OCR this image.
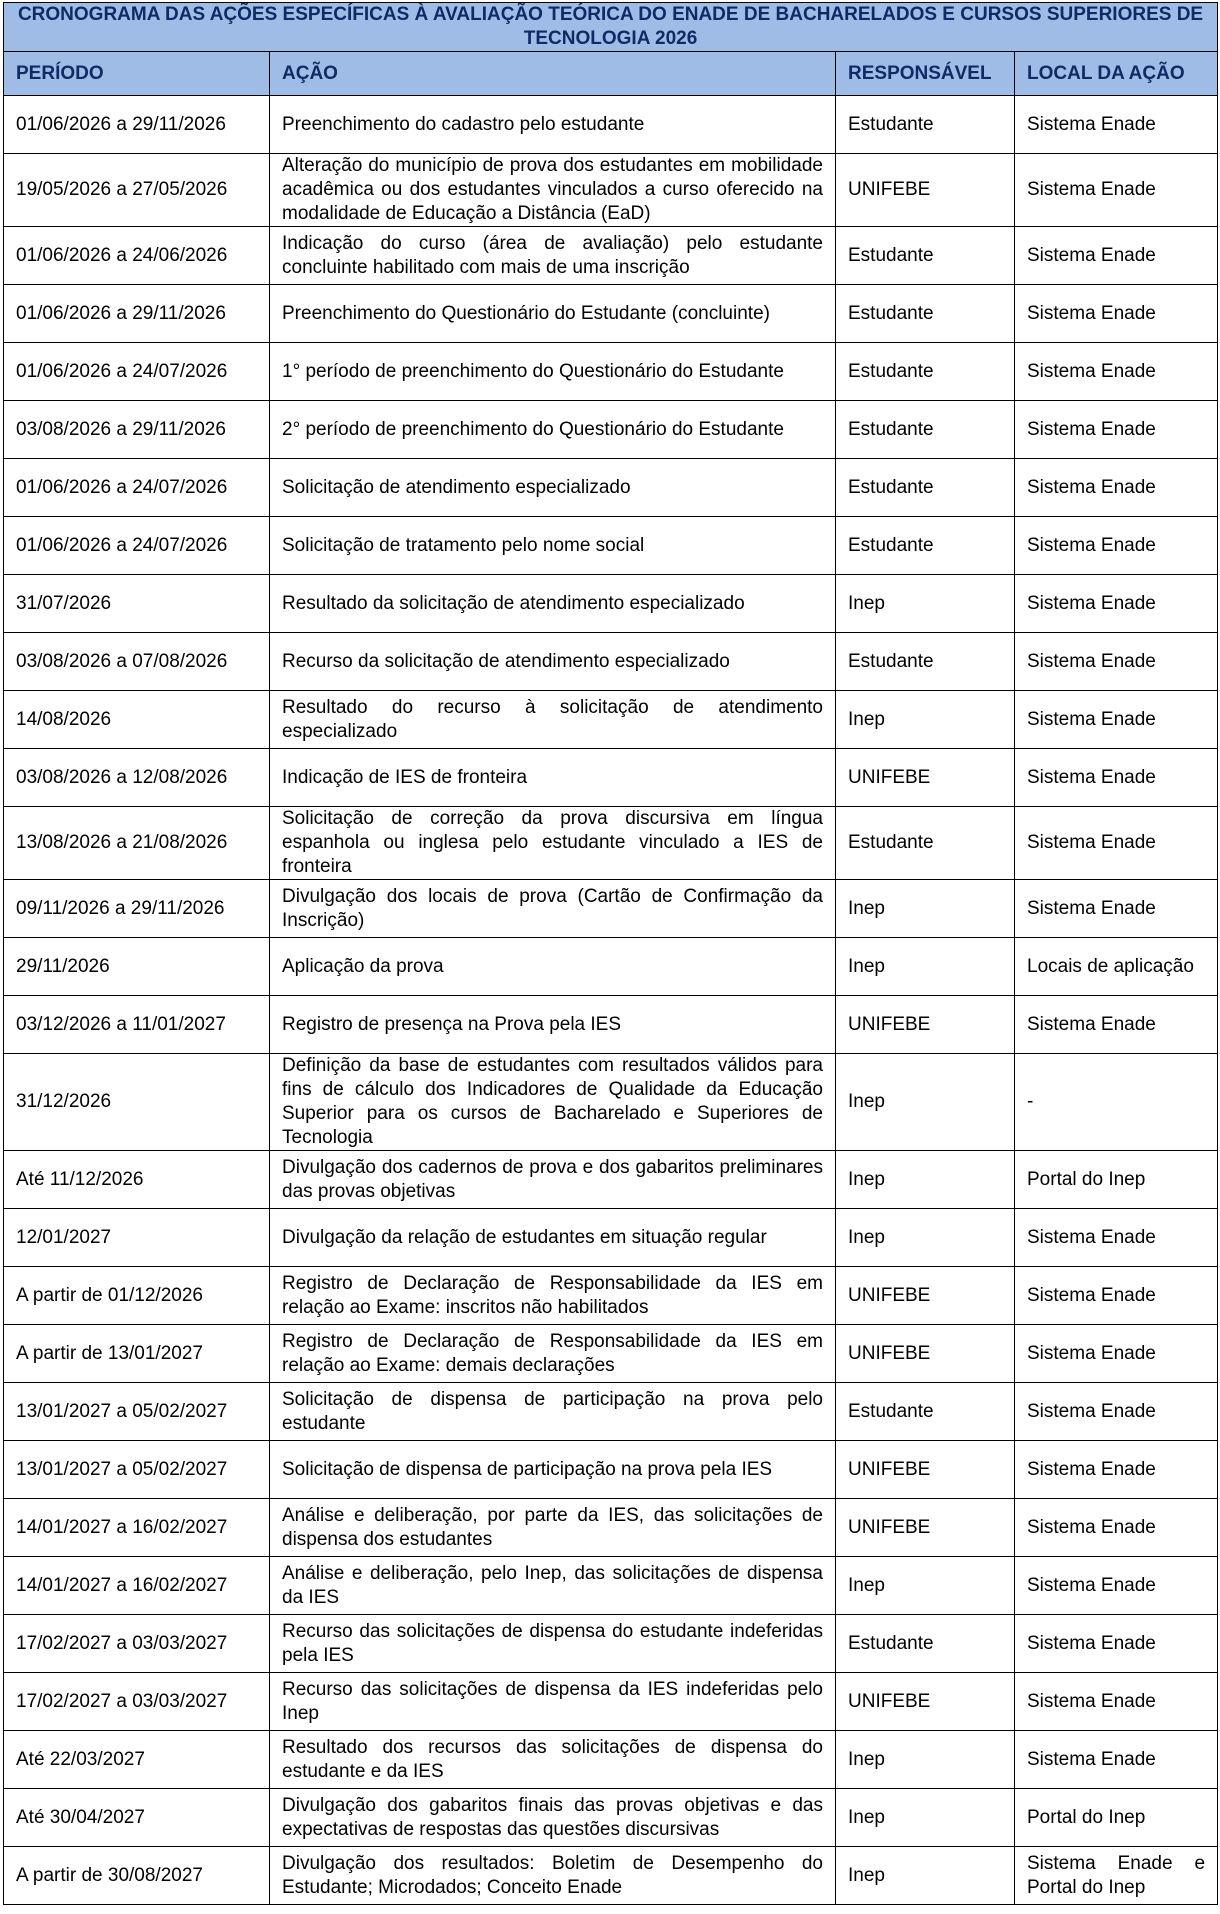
CRONOGRAMA DAS AÇÕES ESPECÍFICAS À AVALIAÇÃO TEÓRICA DO ENADE DE BACHARELADOS E CURSOS SUPERIORES DE TECNOLOGIA 2026			
PERÍODO	AÇÃO	RESPONSÁVEL	LOCAL DA AÇÃO
01/06/2026 a 29/11/2026	Preenchimento do cadastro pelo estudante	Estudante	Sistema Enade
19/05/2026 a 27/05/2026	Alteração do município de prova dos estudantes em mobilidade acadêmica ou dos estudantes vinculados a curso oferecido na modalidade de Educação a Distância (EaD)	UNIFEBE	Sistema Enade
01/06/2026 a 24/06/2026	Indicação do curso (área de avaliação) pelo estudante concluinte habilitado com mais de uma inscrição	Estudante	Sistema Enade
01/06/2026 a 29/11/2026	Preenchimento do Questionário do Estudante (concluinte)	Estudante	Sistema Enade
01/06/2026 a 24/07/2026	1° período de preenchimento do Questionário do Estudante	Estudante	Sistema Enade
03/08/2026 a 29/11/2026	2° período de preenchimento do Questionário do Estudante	Estudante	Sistema Enade
01/06/2026 a 24/07/2026	Solicitação de atendimento especializado	Estudante	Sistema Enade
01/06/2026 a 24/07/2026	Solicitação de tratamento pelo nome social	Estudante	Sistema Enade
31/07/2026	Resultado da solicitação de atendimento especializado	Inep	Sistema Enade
03/08/2026 a 07/08/2026	Recurso da solicitação de atendimento especializado	Estudante	Sistema Enade
14/08/2026	Resultado do recurso à solicitação de atendimento especializado	Inep	Sistema Enade
03/08/2026 a 12/08/2026	Indicação de IES de fronteira	UNIFEBE	Sistema Enade
13/08/2026 a 21/08/2026	Solicitação de correção da prova discursiva em língua espanhola ou inglesa pelo estudante vinculado a IES de fronteira	Estudante	Sistema Enade
09/11/2026 a 29/11/2026	Divulgação dos locais de prova (Cartão de Confirmação da Inscrição)	Inep	Sistema Enade
29/11/2026	Aplicação da prova	Inep	Locais de aplicação
03/12/2026 a 11/01/2027	Registro de presença na Prova pela IES	UNIFEBE	Sistema Enade
31/12/2026	Definição da base de estudantes com resultados válidos para fins de cálculo dos Indicadores de Qualidade da Educação Superior para os cursos de Bacharelado e Superiores de Tecnologia	Inep	-
Até 11/12/2026	Divulgação dos cadernos de prova e dos gabaritos preliminares das provas objetivas	Inep	Portal do Inep
12/01/2027	Divulgação da relação de estudantes em situação regular	Inep	Sistema Enade
A partir de 01/12/2026	Registro de Declaração de Responsabilidade da IES em relação ao Exame: inscritos não habilitados	UNIFEBE	Sistema Enade
A partir de 13/01/2027	Registro de Declaração de Responsabilidade da IES em relação ao Exame: demais declarações	UNIFEBE	Sistema Enade
13/01/2027 a 05/02/2027	Solicitação de dispensa de participação na prova pelo estudante	Estudante	Sistema Enade
13/01/2027 a 05/02/2027	Solicitação de dispensa de participação na prova pela IES	UNIFEBE	Sistema Enade
14/01/2027 a 16/02/2027	Análise e deliberação, por parte da IES, das solicitações de dispensa dos estudantes	UNIFEBE	Sistema Enade
14/01/2027 a 16/02/2027	Análise e deliberação, pelo Inep, das solicitações de dispensa da IES	Inep	Sistema Enade
17/02/2027 a 03/03/2027	Recurso das solicitações de dispensa do estudante indeferidas pela IES	Estudante	Sistema Enade
17/02/2027 a 03/03/2027	Recurso das solicitações de dispensa da IES indeferidas pelo Inep	UNIFEBE	Sistema Enade
Até 22/03/2027	Resultado dos recursos das solicitações de dispensa do estudante e da IES	Inep	Sistema Enade
Até 30/04/2027	Divulgação dos gabaritos finais das provas objetivas e das expectativas de respostas das questões discursivas	Inep	Portal do Inep
A partir de 30/08/2027	Divulgação dos resultados: Boletim de Desempenho do Estudante; Microdados; Conceito Enade	Inep	Sistema Enade e Portal do Inep
